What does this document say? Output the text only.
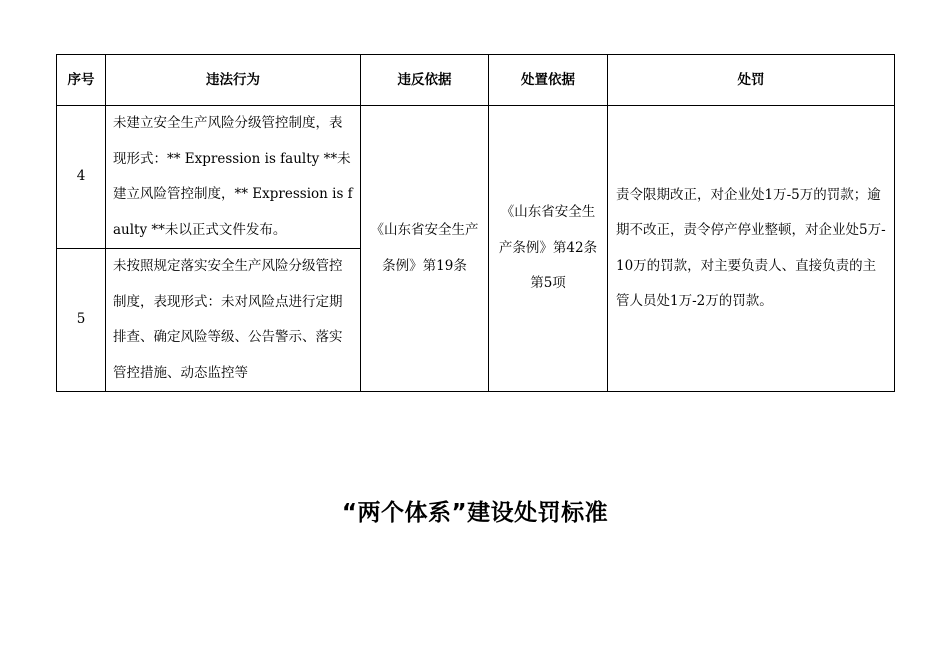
序号	违法行为	违反依据	处置依据	处罚
4	未建立安全生产风险分级管控制度，表现形式：** Expression is faulty **未建立风险管控制度，** Expression is faulty **未以正式文件发布。	《山东省安全生产条例》第19条	《山东省安全生产条例》第42条第5项	责令限期改正，对企业处1万-5万的罚款；逾期不改正，责令停产停业整顿，对企业处5万-10万的罚款，对主要负责人、直接负责的主管人员处1万-2万的罚款。
5	未按照规定落实安全生产风险分级管控制度，表现形式：未对风险点进行定期排查、确定风险等级、公告警示、落实管控措施、动态监控等			
“两个体系”建设处罚标准
